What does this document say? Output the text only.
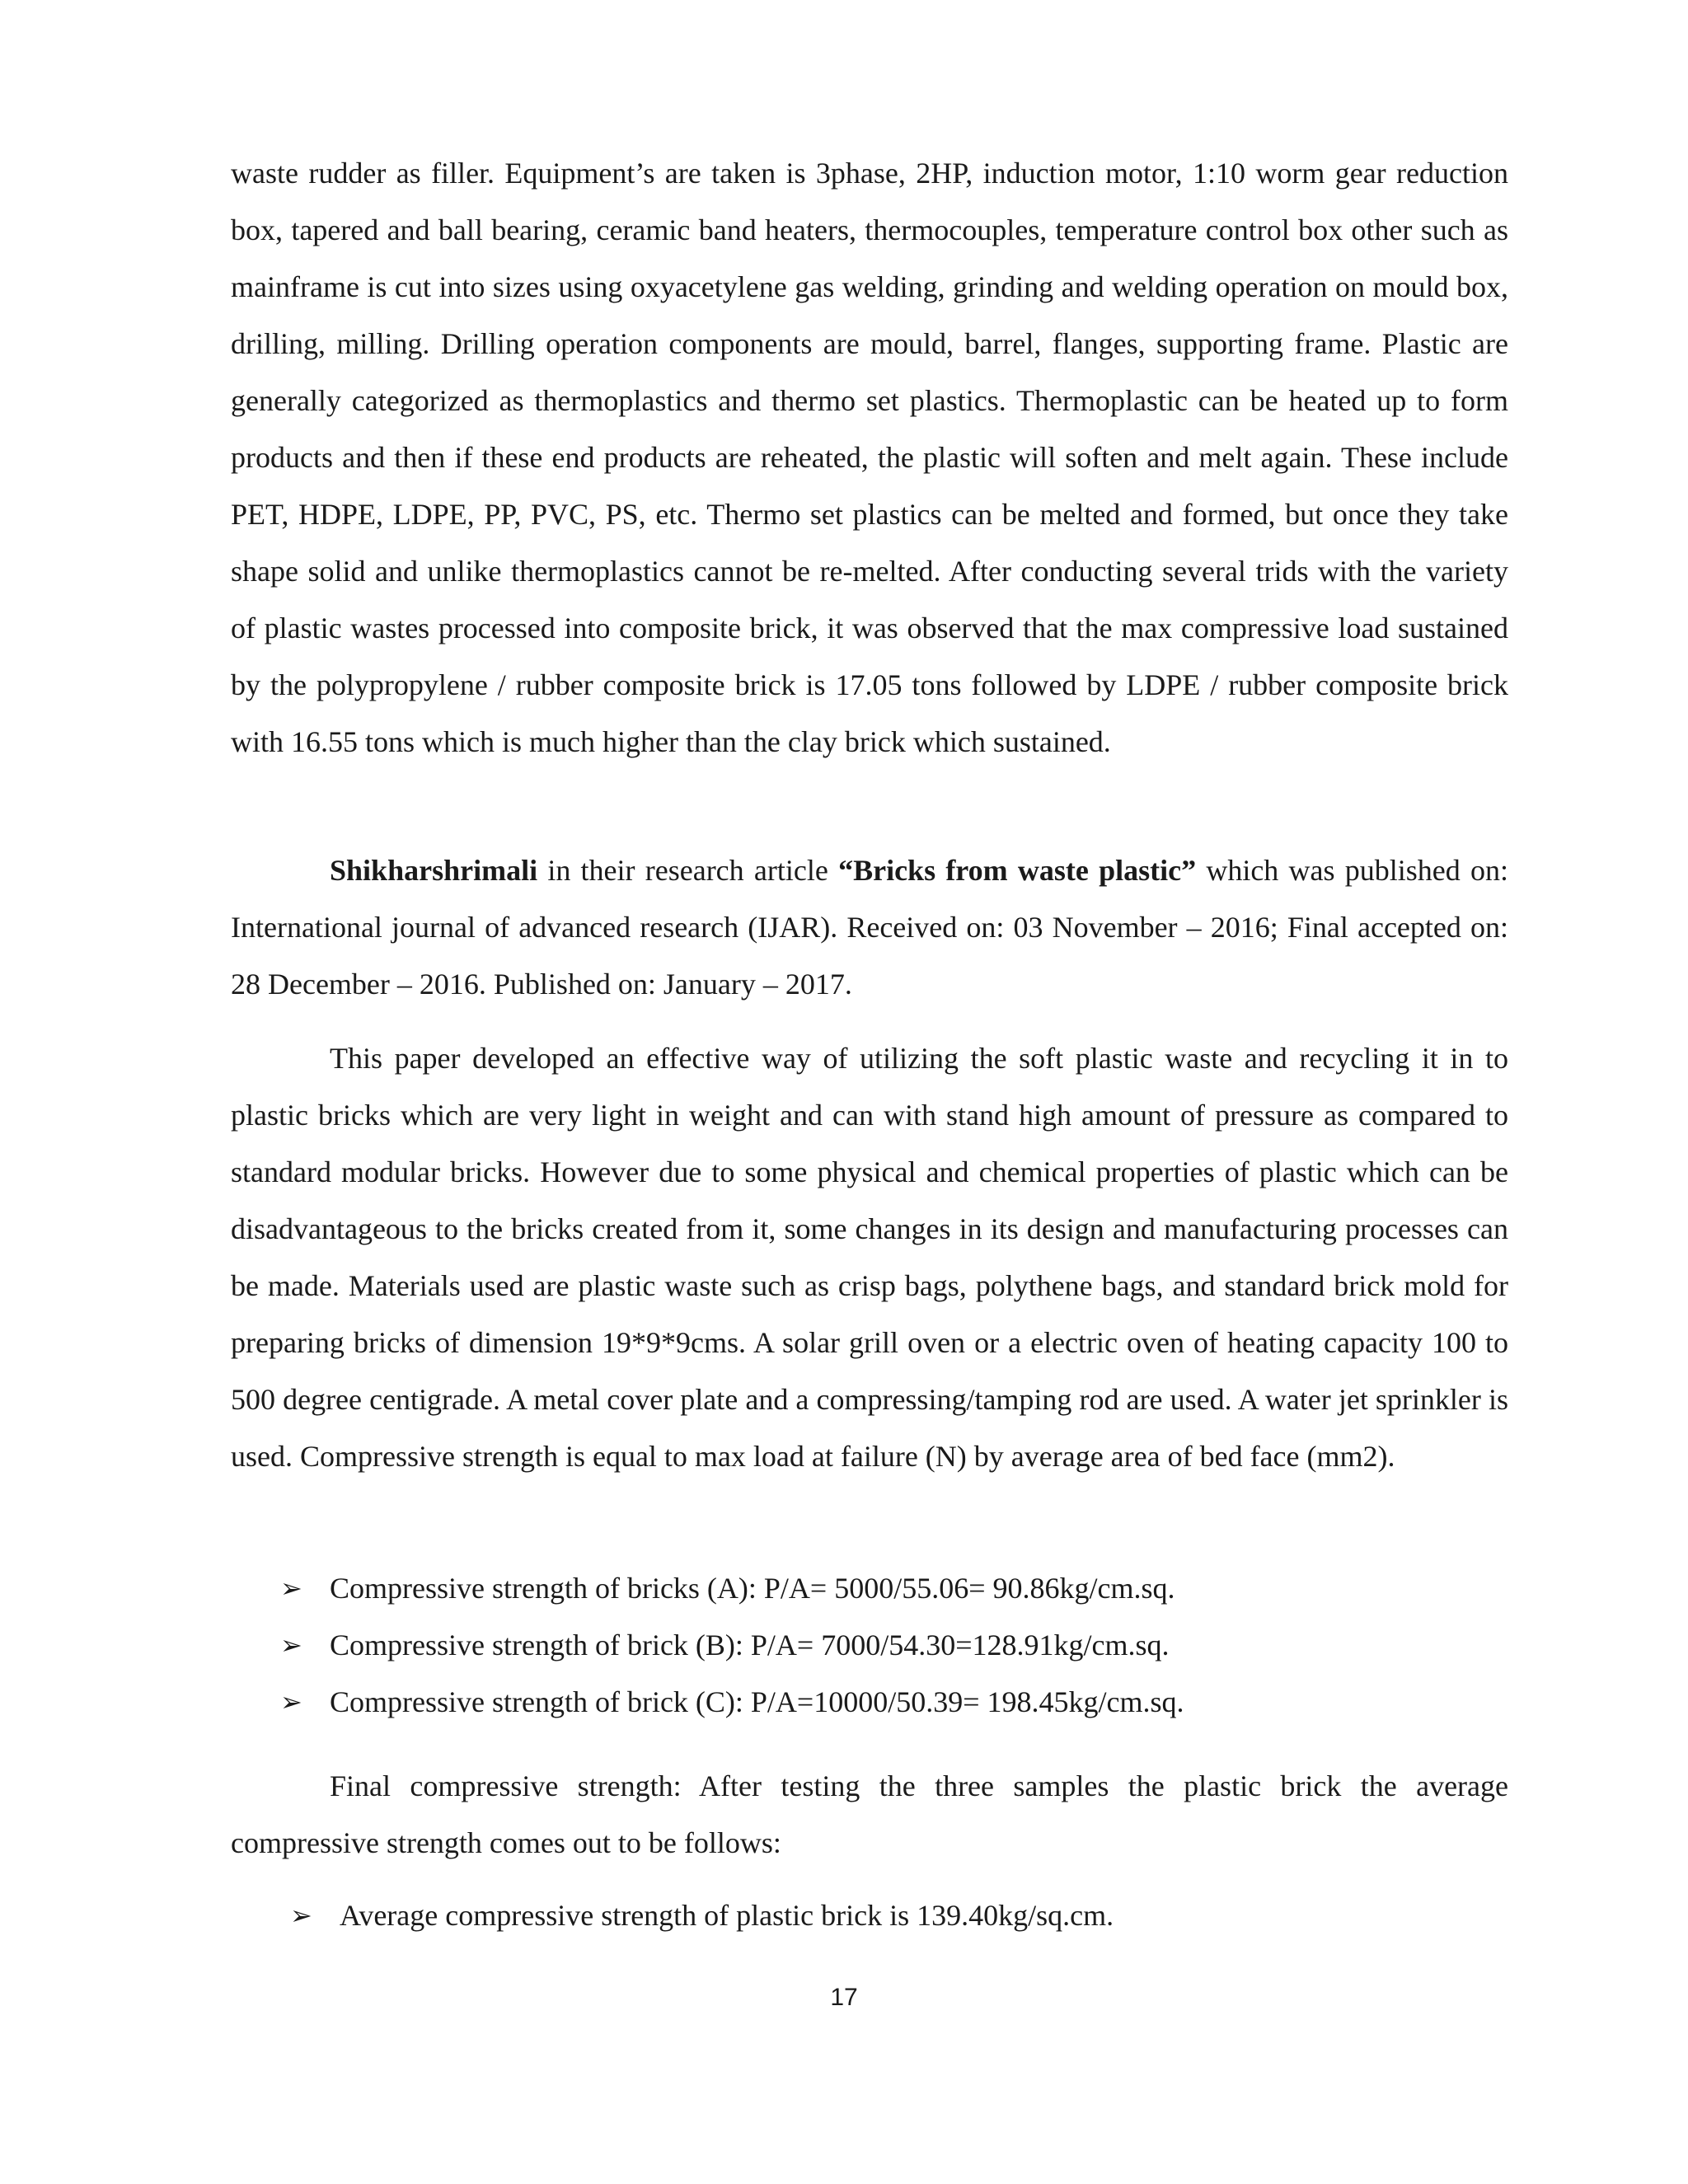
waste rudder as filler. Equipment’s are taken is 3phase, 2HP, induction motor, 1:10 worm gear reduction box, tapered and ball bearing, ceramic band heaters, thermocouples, temperature control box other such as mainframe is cut into sizes using oxyacetylene gas welding, grinding and welding operation on mould box, drilling, milling. Drilling operation components are mould, barrel, flanges, supporting frame. Plastic are generally categorized as thermoplastics and thermo set plastics. Thermoplastic can be heated up to form products and then if these end products are reheated, the plastic will soften and melt again. These include PET, HDPE, LDPE, PP, PVC, PS, etc. Thermo set plastics can be melted and formed, but once they take shape solid and unlike thermoplastics cannot be re-melted. After conducting several trids with the variety of plastic wastes processed into composite brick, it was observed that the max compressive load sustained by the polypropylene / rubber composite brick is 17.05 tons followed by LDPE / rubber composite brick with 16.55 tons which is much higher than the clay brick which sustained.

Shikharshrimali in their research article “Bricks from waste plastic” which was published on: International journal of advanced research (IJAR). Received on: 03 November – 2016; Final accepted on: 28 December – 2016. Published on: January – 2017.

This paper developed an effective way of utilizing the soft plastic waste and recycling it in to plastic bricks which are very light in weight and can with stand high amount of pressure as compared to standard modular bricks. However due to some physical and chemical properties of plastic which can be disadvantageous to the bricks created from it, some changes in its design and manufacturing processes can be made. Materials used are plastic waste such as crisp bags, polythene bags, and standard brick mold for preparing bricks of dimension 19*9*9cms. A solar grill oven or a electric oven of heating capacity 100 to 500 degree centigrade. A metal cover plate and a compressing/tamping rod are used. A water jet sprinkler is used. Compressive strength is equal to max load at failure (N) by average area of bed face (mm2).

➢ Compressive strength of bricks (A): P/A= 5000/55.06= 90.86kg/cm.sq.
➢ Compressive strength of brick (B): P/A= 7000/54.30=128.91kg/cm.sq.
➢ Compressive strength of brick (C): P/A=10000/50.39= 198.45kg/cm.sq.

Final compressive strength: After testing the three samples the plastic brick the average compressive strength comes out to be follows:

➢ Average compressive strength of plastic brick is 139.40kg/sq.cm.
17
